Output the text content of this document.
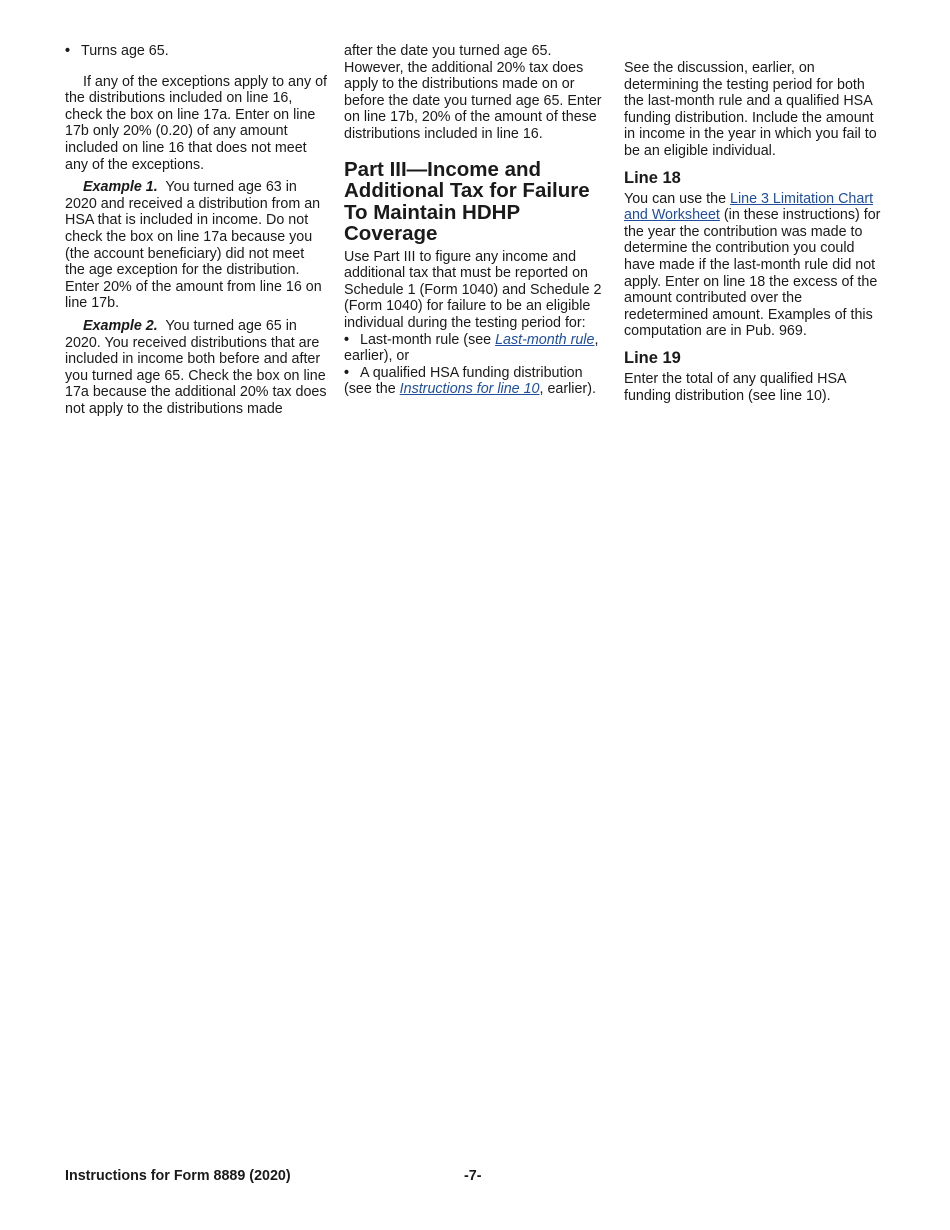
• Turns age 65.

If any of the exceptions apply to any of the distributions included on line 16, check the box on line 17a. Enter on line 17b only 20% (0.20) of any amount included on line 16 that does not meet any of the exceptions.

Example 1. You turned age 63 in 2020 and received a distribution from an HSA that is included in income. Do not check the box on line 17a because you (the account beneficiary) did not meet the age exception for the distribution. Enter 20% of the amount from line 16 on line 17b.

Example 2. You turned age 65 in 2020. You received distributions that are included in income both before and after you turned age 65. Check the box on line 17a because the additional 20% tax does not apply to the distributions made

after the date you turned age 65. However, the additional 20% tax does apply to the distributions made on or before the date you turned age 65. Enter on line 17b, 20% of the amount of these distributions included in line 16.

Part III—Income and Additional Tax for Failure To Maintain HDHP Coverage

Use Part III to figure any income and additional tax that must be reported on Schedule 1 (Form 1040) and Schedule 2 (Form 1040) for failure to be an eligible individual during the testing period for:

• Last-month rule (see Last-month rule, earlier), or

• A qualified HSA funding distribution (see the Instructions for line 10, earlier).

See the discussion, earlier, on determining the testing period for both the last-month rule and a qualified HSA funding distribution. Include the amount in income in the year in which you fail to be an eligible individual.

Line 18

You can use the Line 3 Limitation Chart and Worksheet (in these instructions) for the year the contribution was made to determine the contribution you could have made if the last-month rule did not apply. Enter on line 18 the excess of the amount contributed over the redetermined amount. Examples of this computation are in Pub. 969.

Line 19

Enter the total of any qualified HSA funding distribution (see line 10).

Instructions for Form 8889 (2020)	-7-
